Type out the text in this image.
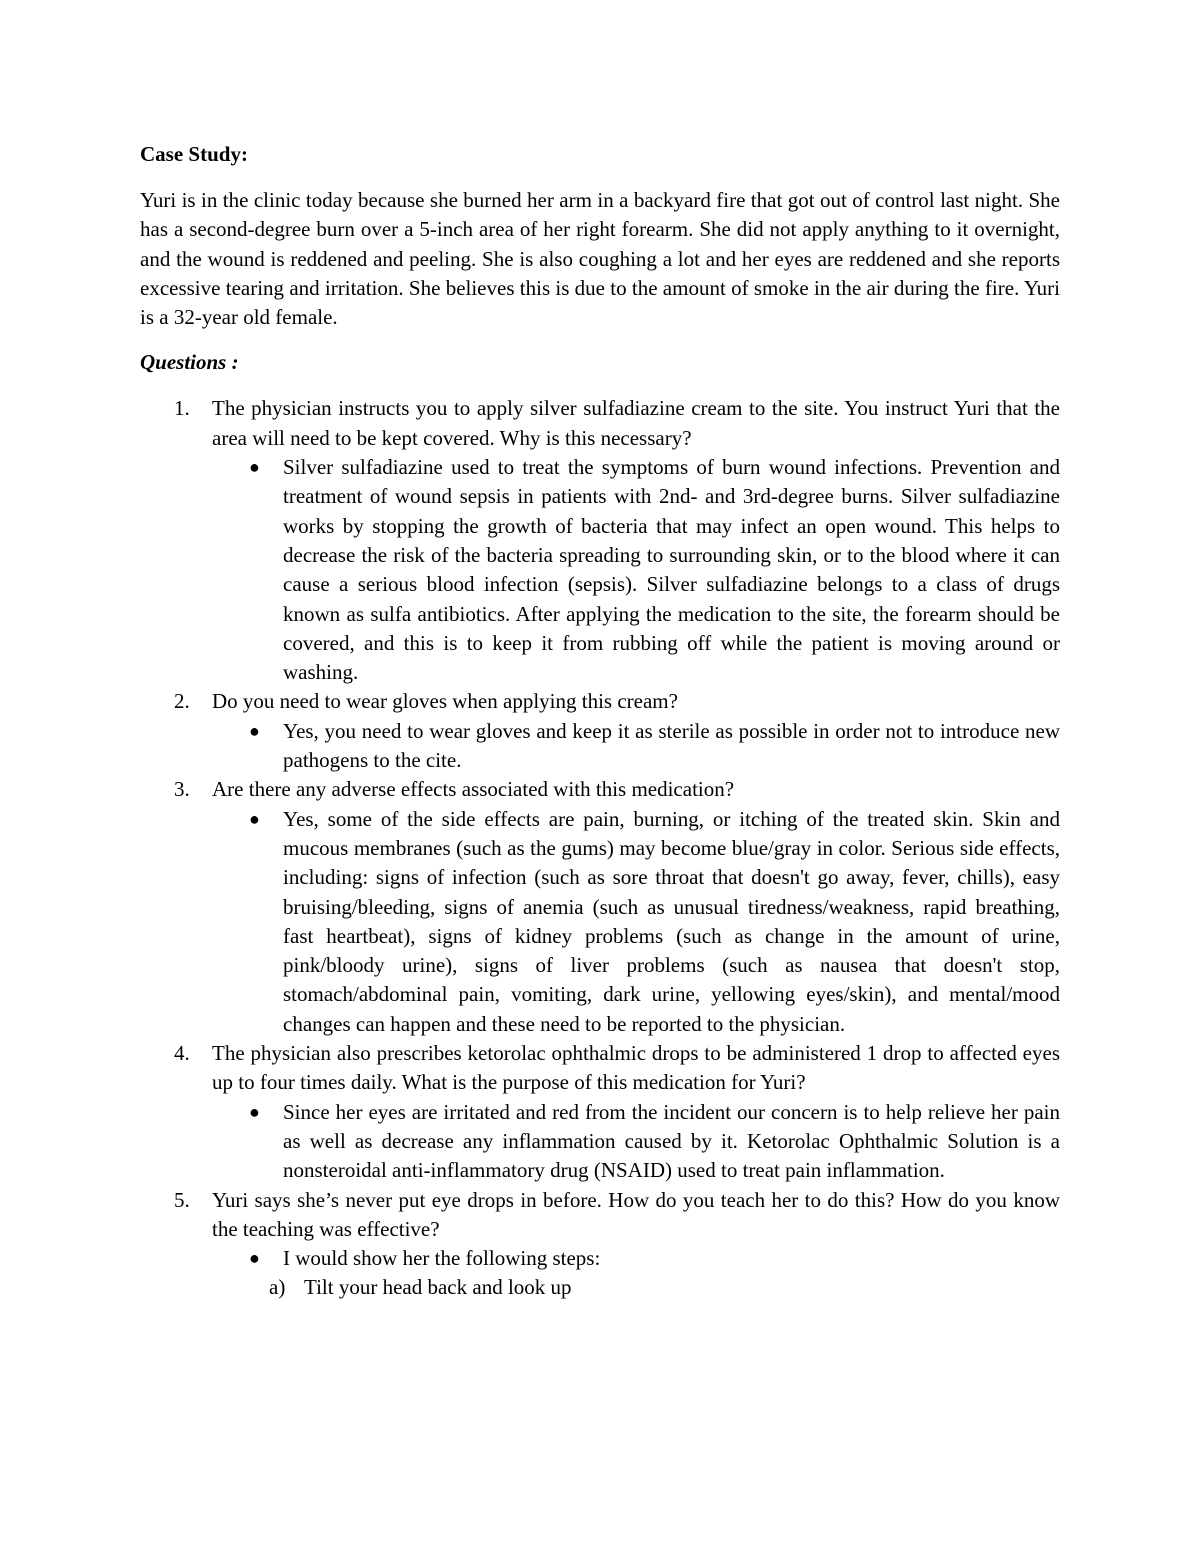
Case Study:

Yuri is in the clinic today because she burned her arm in a backyard fire that got out of control last night. She has a second-degree burn over a 5-inch area of her right forearm. She did not apply anything to it overnight, and the wound is reddened and peeling. She is also coughing a lot and her eyes are reddened and she reports excessive tearing and irritation. She believes this is due to the amount of smoke in the air during the fire. Yuri is a 32-year old female.

Questions :

1. The physician instructs you to apply silver sulfadiazine cream to the site. You instruct Yuri that the area will need to be kept covered. Why is this necessary?

● Silver sulfadiazine used to treat the symptoms of burn wound infections. Prevention and treatment of wound sepsis in patients with 2nd- and 3rd-degree burns. Silver sulfadiazine works by stopping the growth of bacteria that may infect an open wound. This helps to decrease the risk of the bacteria spreading to surrounding skin, or to the blood where it can cause a serious blood infection (sepsis). Silver sulfadiazine belongs to a class of drugs known as sulfa antibiotics. After applying the medication to the site, the forearm should be covered, and this is to keep it from rubbing off while the patient is moving around or washing.
2. Do you need to wear gloves when applying this cream?

● Yes, you need to wear gloves and keep it as sterile as possible in order not to introduce new pathogens to the cite.
3. Are there any adverse effects associated with this medication?

● Yes, some of the side effects are pain, burning, or itching of the treated skin. Skin and mucous membranes (such as the gums) may become blue/gray in color. Serious side effects, including: signs of infection (such as sore throat that doesn't go away, fever, chills), easy bruising/bleeding, signs of anemia (such as unusual tiredness/weakness, rapid breathing, fast heartbeat), signs of kidney problems (such as change in the amount of urine, pink/bloody urine), signs of liver problems (such as nausea that doesn't stop, stomach/abdominal pain, vomiting, dark urine, yellowing eyes/skin), and mental/mood changes can happen and these need to be reported to the physician.
4. The physician also prescribes ketorolac ophthalmic drops to be administered 1 drop to affected eyes up to four times daily. What is the purpose of this medication for Yuri?

● Since her eyes are irritated and red from the incident our concern is to help relieve her pain as well as decrease any inflammation caused by it. Ketorolac Ophthalmic Solution is a nonsteroidal anti-inflammatory drug (NSAID) used to treat pain inflammation.
5. Yuri says she’s never put eye drops in before. How do you teach her to do this? How do you know the teaching was effective?

● I would show her the following steps:
a) Tilt your head back and look up
